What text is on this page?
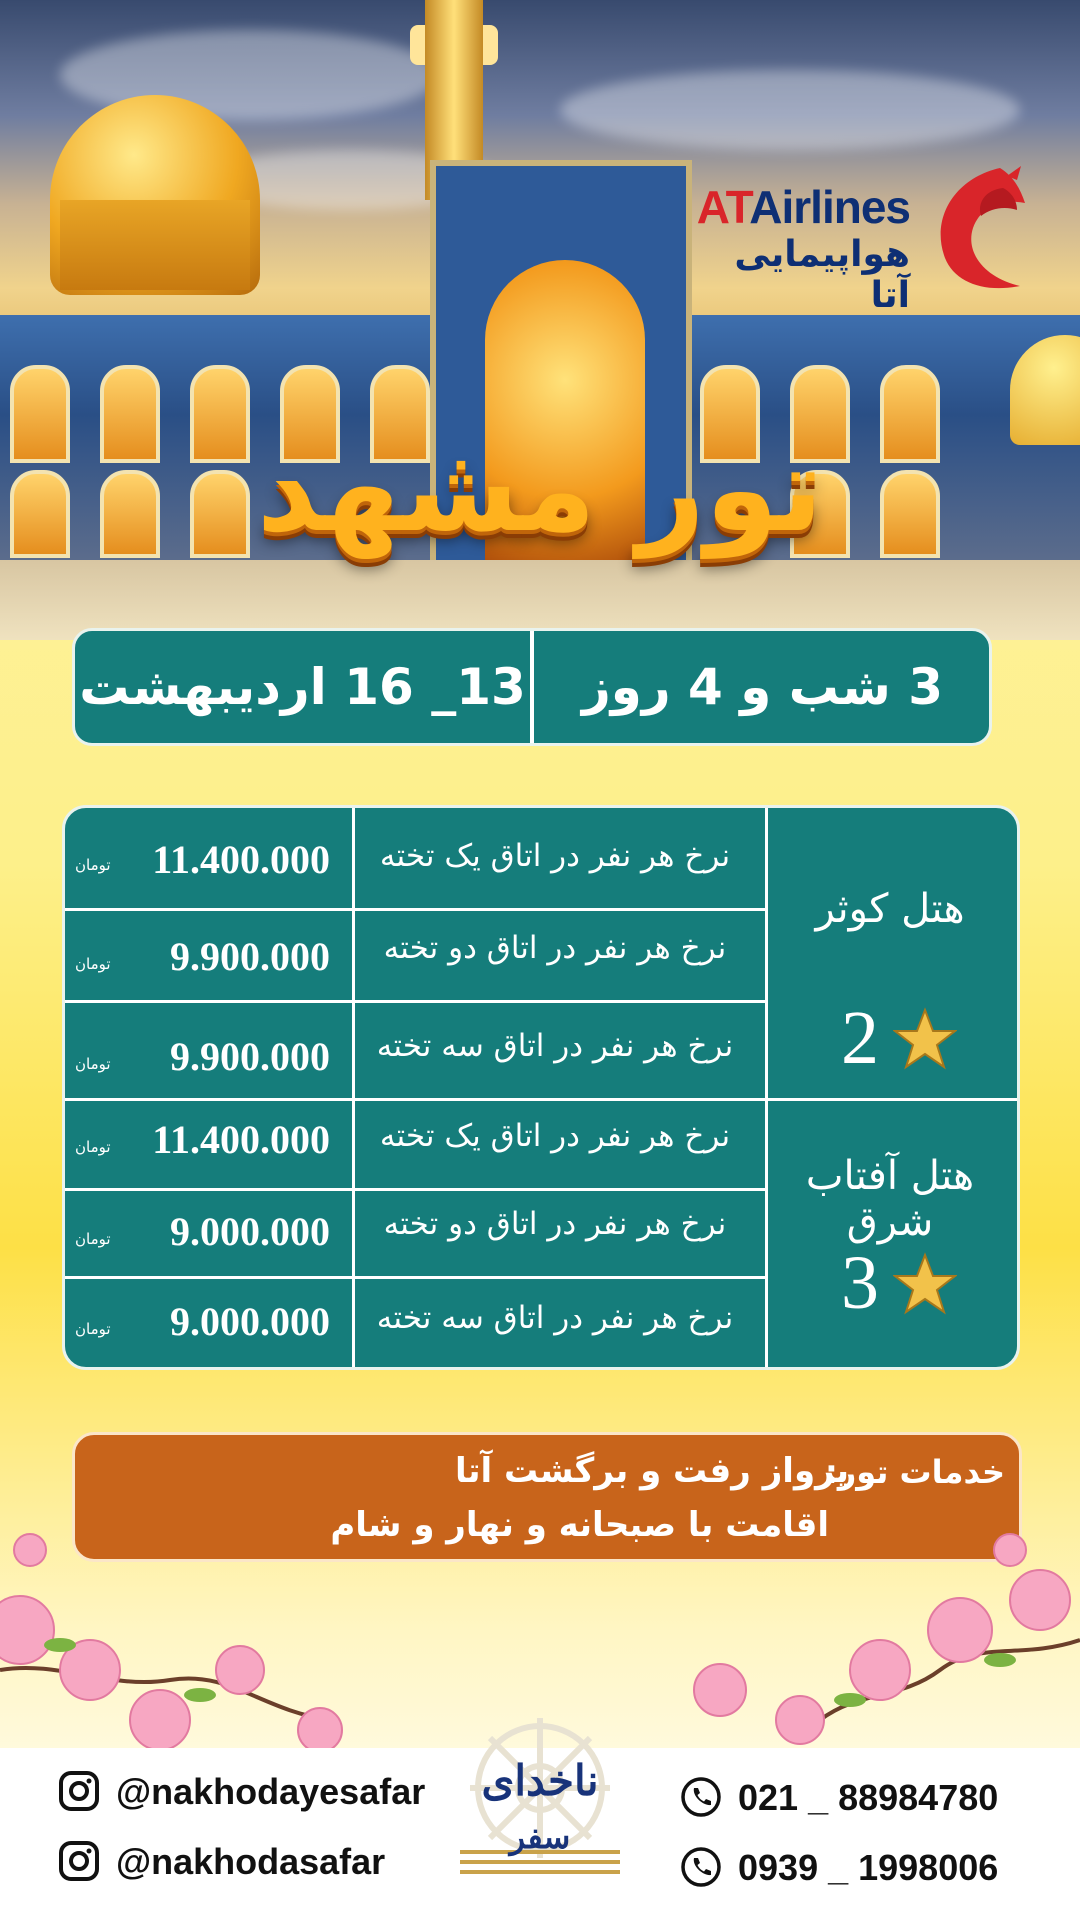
ATAirlines
هواپیمایی آتا
تور مشهد
3 شب و 4 روز
13_ 16 اردیبهشت
هتل کوثر
2
هتل آفتاب شرق
3
نرخ هر نفر در اتاق یک تخته
تومان 11.400.000
نرخ هر نفر در اتاق دو تخته
تومان 9.900.000
نرخ هر نفر در اتاق سه تخته
تومان 9.900.000
نرخ هر نفر در اتاق یک تخته
تومان 11.400.000
نرخ هر نفر در اتاق دو تخته
تومان 9.000.000
نرخ هر نفر در اتاق سه تخته
تومان 9.000.000
خدمات تور:
پرواز رفت و برگشت آتا
اقامت با صبحانه و نهار و شام
@nakhodayesafar
@nakhodasafar
ناخدای
سفر
021 _ 88984780
0939 _ 1998006
